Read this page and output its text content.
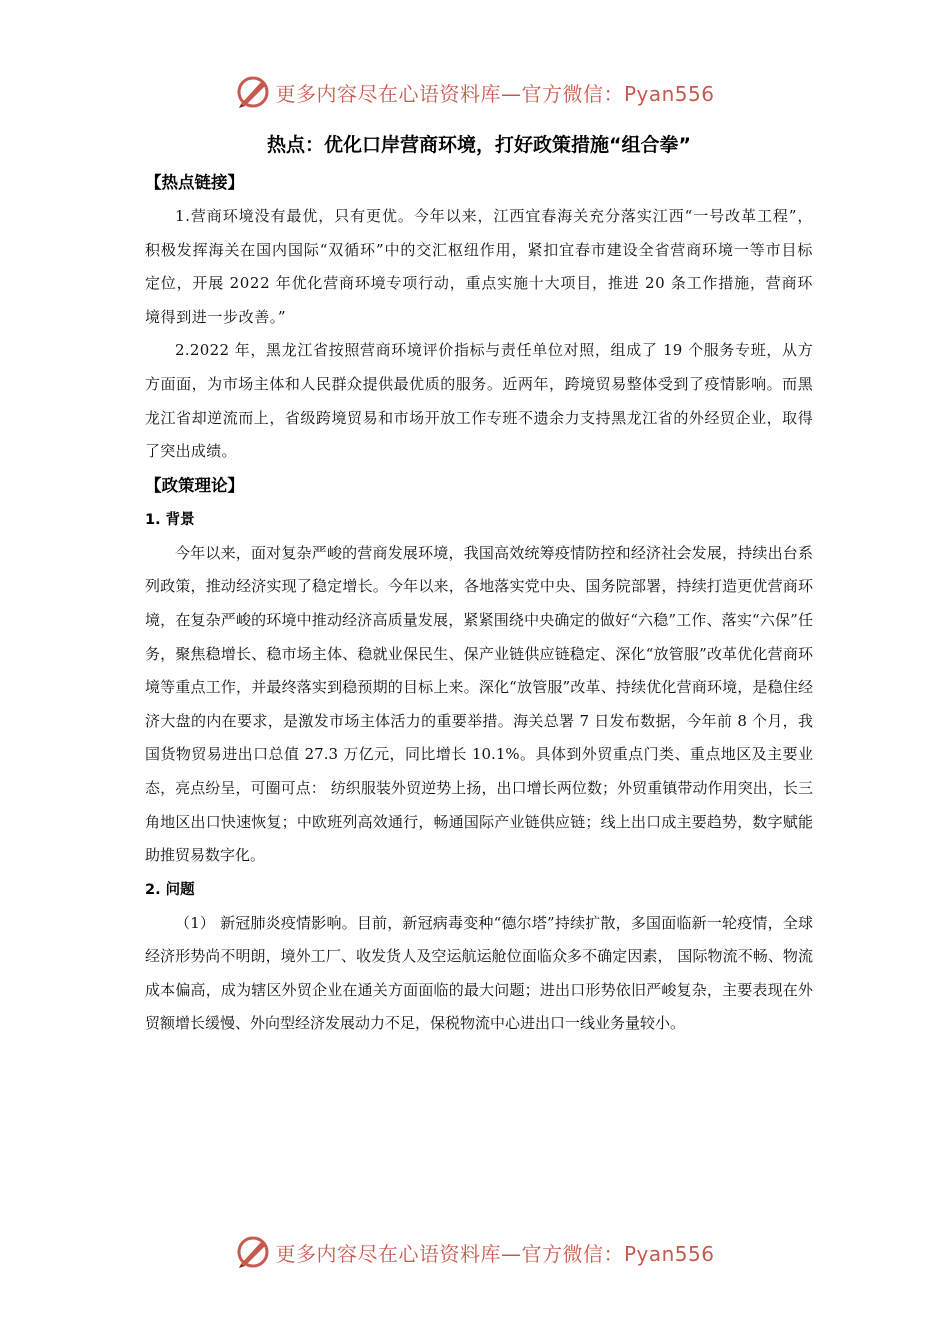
更多内容尽在心语资料库—官方微信：Pyan556
热点：优化口岸营商环境，打好政策措施“组合拳”
【热点链接】

1.营商环境没有最优，只有更优。今年以来，江西宜春海关充分落实江西“一号改革工程”，积极发挥海关在国内国际“双循环”中的交汇枢纽作用，紧扣宜春市建设全省营商环境一等市目标定位，开展 2022 年优化营商环境专项行动，重点实施十大项目，推进 20 条工作措施，营商环境得到进一步改善。”

2.2022 年，黑龙江省按照营商环境评价指标与责任单位对照，组成了 19 个服务专班，从方方面面，为市场主体和人民群众提供最优质的服务。近两年，跨境贸易整体受到了疫情影响。而黑龙江省却逆流而上，省级跨境贸易和市场开放工作专班不遗余力支持黑龙江省的外经贸企业，取得了突出成绩。

【政策理论】
1. 背景

今年以来，面对复杂严峻的营商发展环境，我国高效统筹疫情防控和经济社会发展，持续出台系列政策，推动经济实现了稳定增长。今年以来，各地落实党中央、国务院部署，持续打造更优营商环境，在复杂严峻的环境中推动经济高质量发展，紧紧围绕中央确定的做好“六稳”工作、落实“六保”任务，聚焦稳增长、稳市场主体、稳就业保民生、保产业链供应链稳定、深化“放管服”改革优化营商环境等重点工作，并最终落实到稳预期的目标上来。深化“放管服”改革、持续优化营商环境，是稳住经济大盘的内在要求，是激发市场主体活力的重要举措。海关总署 7 日发布数据，今年前 8 个月，我国货物贸易进出口总值 27.3 万亿元，同比增长 10.1%。具体到外贸重点门类、重点地区及主要业态，亮点纷呈，可圈可点： 纺织服装外贸逆势上扬，出口增长两位数；外贸重镇带动作用突出，长三角地区出口快速恢复；中欧班列高效通行，畅通国际产业链供应链；线上出口成主要趋势，数字赋能助推贸易数字化。

2. 问题

（1） 新冠肺炎疫情影响。目前，新冠病毒变种“德尔塔”持续扩散，多国面临新一轮疫情，全球经济形势尚不明朗，境外工厂、收发货人及空运航运舱位面临众多不确定因素， 国际物流不畅、物流成本偏高，成为辖区外贸企业在通关方面面临的最大问题；进出口形势依旧严峻复杂，主要表现在外贸额增长缓慢、外向型经济发展动力不足，保税物流中心进出口一线业务量较小。

更多内容尽在心语资料库—官方微信：Pyan556
